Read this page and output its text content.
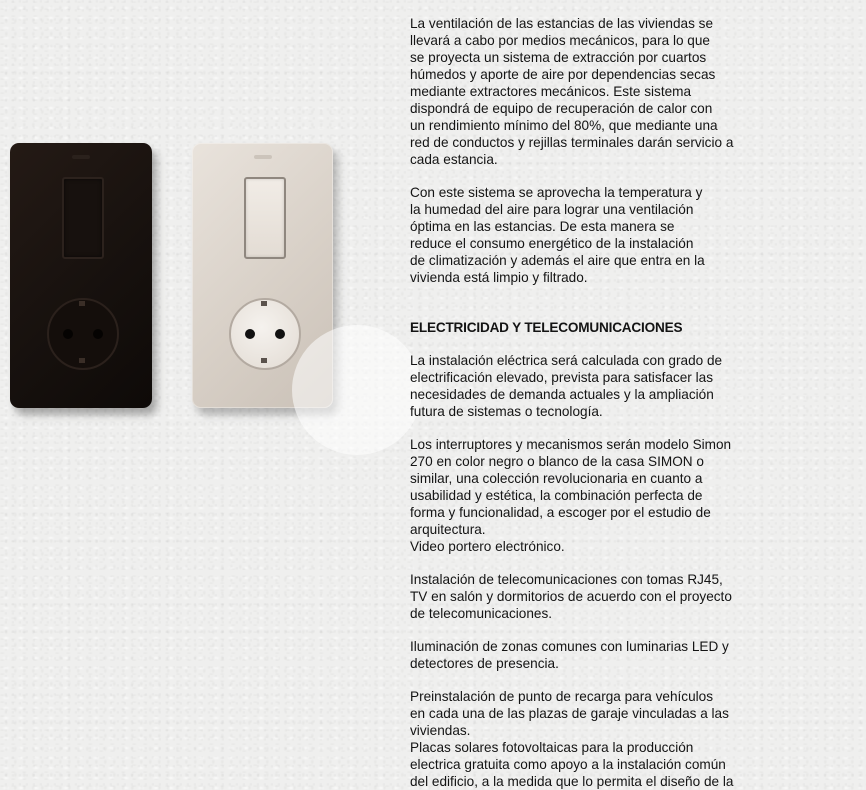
La ventilación de las estancias de las viviendas se
llevará a cabo por medios mecánicos, para lo que
se proyecta un sistema de extracción por cuartos
húmedos y aporte de aire por dependencias secas
mediante extractores mecánicos. Este sistema
dispondrá de equipo de recuperación de calor con
un rendimiento mínimo del 80%, que mediante una
red de conductos y rejillas terminales darán servicio a
cada estancia.

Con este sistema se aprovecha la temperatura y
la humedad del aire para lograr una ventilación
óptima en las estancias. De esta manera se
reduce el consumo energético de la instalación
de climatización y además el aire que entra en la
vivienda está limpio y filtrado.

ELECTRICIDAD Y TELECOMUNICACIONES

La instalación eléctrica será calculada con grado de
electrificación elevado, prevista para satisfacer las
necesidades de demanda actuales y la ampliación
futura de sistemas o tecnología.

Los interruptores y mecanismos serán modelo Simon
270 en color negro o blanco de la casa SIMON o
similar, una colección revolucionaria en cuanto a
usabilidad y estética, la combinación perfecta de
forma y funcionalidad, a escoger por el estudio de
arquitectura.
Video portero electrónico.

Instalación de telecomunicaciones con tomas RJ45,
TV en salón y dormitorios de acuerdo con el proyecto
de telecomunicaciones.

Iluminación de zonas comunes con luminarias LED y
detectores de presencia.

Preinstalación de punto de recarga para vehículos
en cada una de las plazas de garaje vinculadas a las
viviendas.
Placas solares fotovoltaicas para la producción
electrica gratuita como apoyo a la instalación común
del edificio, a la medida que lo permita el diseño de la
